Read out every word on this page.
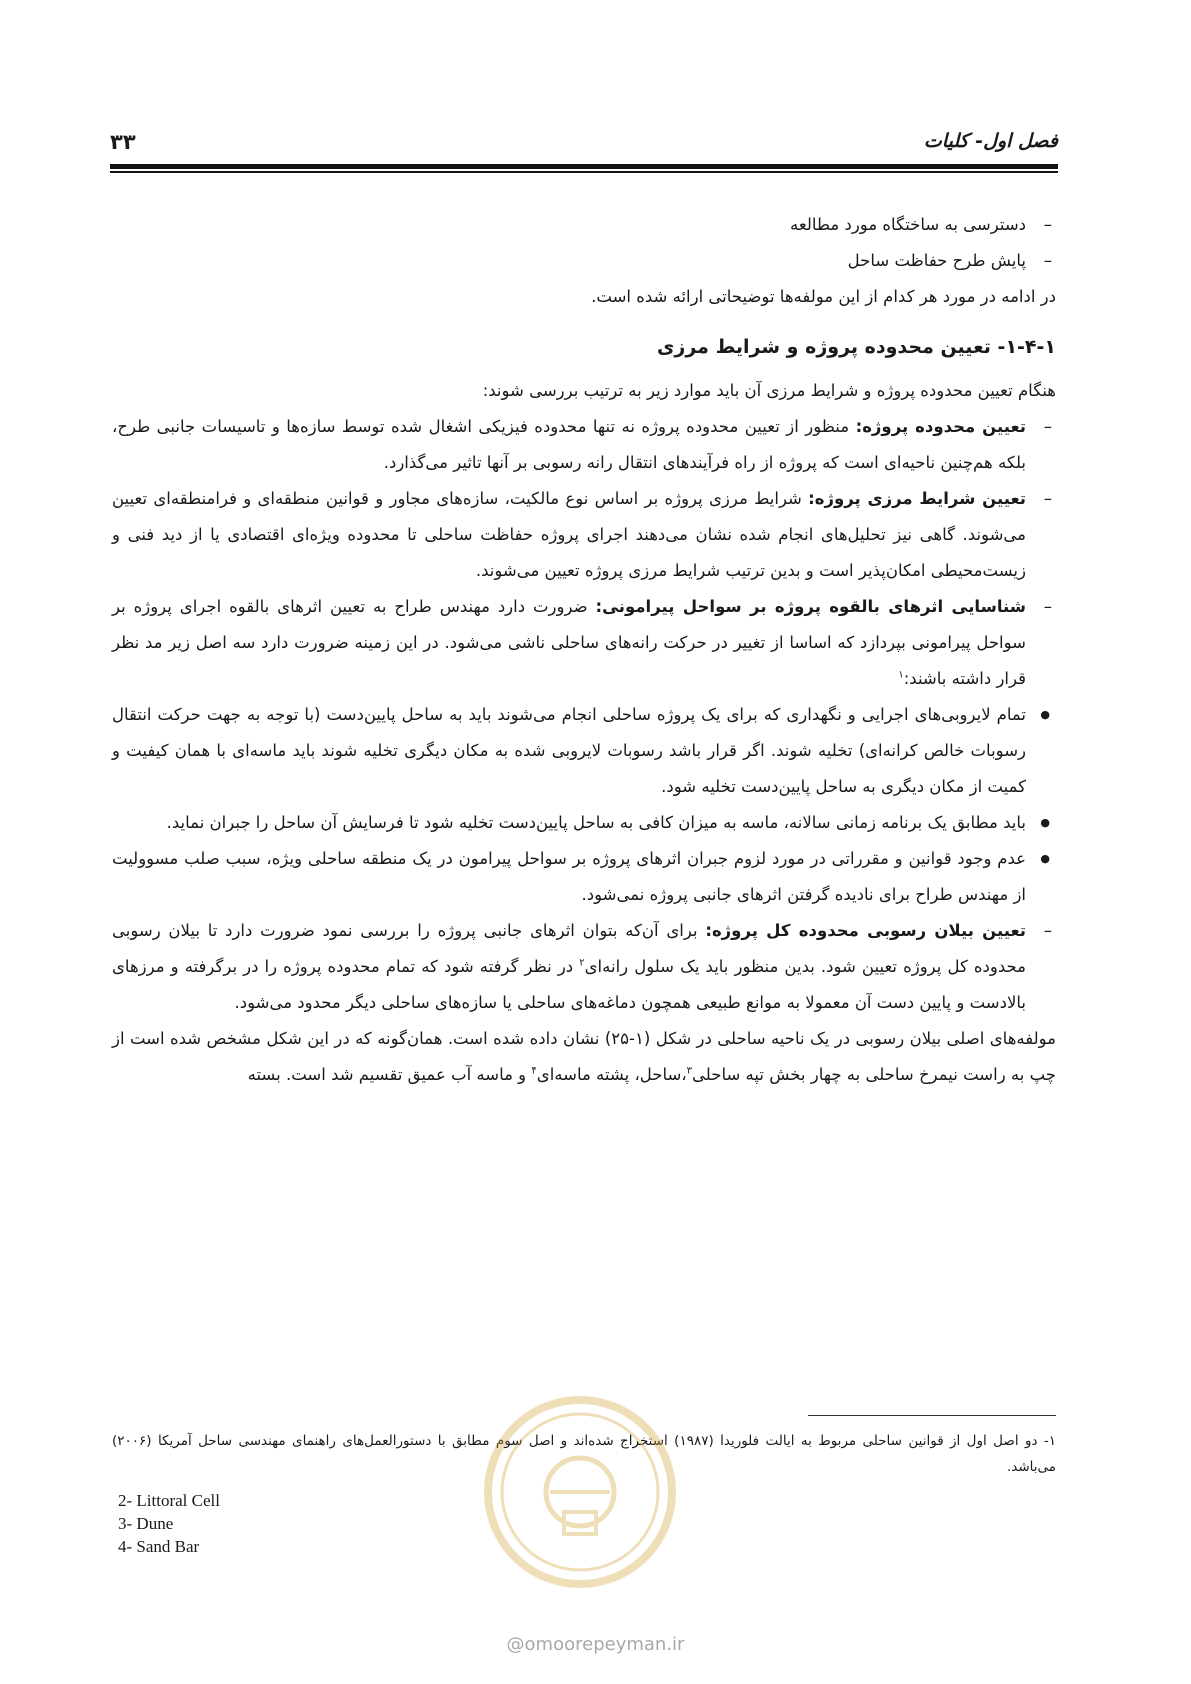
فصل اول- کلیات
۳۳

– دسترسی به ساختگاه مورد مطالعه

– پایش طرح حفاظت ساحل

در ادامه در مورد هر کدام از این مولفه‌ها توضیحاتی ارائه شده است.

۱-۴-۱- تعیین محدوده پروژه و شرایط مرزی

هنگام تعیین محدوده پروژه و شرایط مرزی آن باید موارد زیر به ترتیب بررسی شوند:

– تعیین محدوده پروژه: منظور از تعیین محدوده پروژه نه تنها محدوده فیزیکی اشغال شده توسط سازه‌ها و تاسیسات جانبی طرح، بلکه هم‌چنین ناحیه‌ای است که پروژه از راه فرآیندهای انتقال رانه رسوبی بر آنها تاثیر می‌گذارد.

– تعیین شرایط مرزی پروژه: شرایط مرزی پروژه بر اساس نوع مالکیت، سازه‌های مجاور و قوانین منطقه‌ای و فرامنطقه‌ای تعیین می‌شوند. گاهی نیز تحلیل‌های انجام شده نشان می‌دهند اجرای پروژه حفاظت ساحلی تا محدوده ویژه‌ای اقتصادی یا از دید فنی و زیست‌محیطی امکان‌پذیر است و بدین ترتیب شرایط مرزی پروژه تعیین می‌شوند.

– شناسایی اثرهای بالقوه پروژه بر سواحل پیرامونی: ضرورت دارد مهندس طراح به تعیین اثرهای بالقوه اجرای پروژه بر سواحل پیرامونی بپردازد که اساسا از تغییر در حرکت رانه‌های ساحلی ناشی می‌شود. در این زمینه ضرورت دارد سه اصل زیر مد نظر قرار داشته باشند:$^۱$

● تمام لایروبی‌های اجرایی و نگهداری که برای یک پروژه ساحلی انجام می‌شوند باید به ساحل پایین‌دست (با توجه به جهت حرکت انتقال رسوبات خالص کرانه‌ای) تخلیه شوند. اگر قرار باشد رسوبات لایروبی شده به مکان دیگری تخلیه شوند باید ماسه‌ای با همان کیفیت و کمیت از مکان دیگری به ساحل پایین‌دست تخلیه شود.

● باید مطابق یک برنامه زمانی سالانه، ماسه به میزان کافی به ساحل پایین‌دست تخلیه شود تا فرسایش آن ساحل را جبران نماید.

● عدم وجود قوانین و مقرراتی در مورد لزوم جبران اثرهای پروژه بر سواحل پیرامون در یک منطقه ساحلی ویژه، سبب صلب مسوولیت از مهندس طراح برای نادیده گرفتن اثرهای جانبی پروژه نمی‌شود.

– تعیین بیلان رسوبی محدوده کل پروژه: برای آن‌که بتوان اثرهای جانبی پروژه را بررسی نمود ضرورت دارد تا بیلان رسوبی محدوده کل پروژه تعیین شود. بدین منظور باید یک سلول رانه‌ای$^۲$ در نظر گرفته شود که تمام محدوده پروژه را در برگرفته و مرزهای بالادست و پایین دست آن معمولا به موانع طبیعی همچون دماغه‌های ساحلی یا سازه‌های ساحلی دیگر محدود می‌شود.

مولفه‌های اصلی بیلان رسوبی در یک ناحیه ساحلی در شکل (۱-۲۵) نشان داده شده است. همان‌گونه که در این شکل مشخص شده است از چپ به راست نیمرخ ساحلی به چهار بخش تپه ساحلی$^۳$،ساحل، پشته ماسه‌ای$^۴$ و ماسه آب عمیق تقسیم شد است. بسته

۱- دو اصل اول از قوانین ساحلی مربوط به ایالت فلوریدا (۱۹۸۷) استخراج شده‌اند و اصل سوم مطابق با دستورالعمل‌های راهنمای مهندسی ساحل آمریکا (۲۰۰۶) می‌باشد.
2- Littoral Cell
3- Dune
4- Sand Bar
@omoorepeyman.ir
